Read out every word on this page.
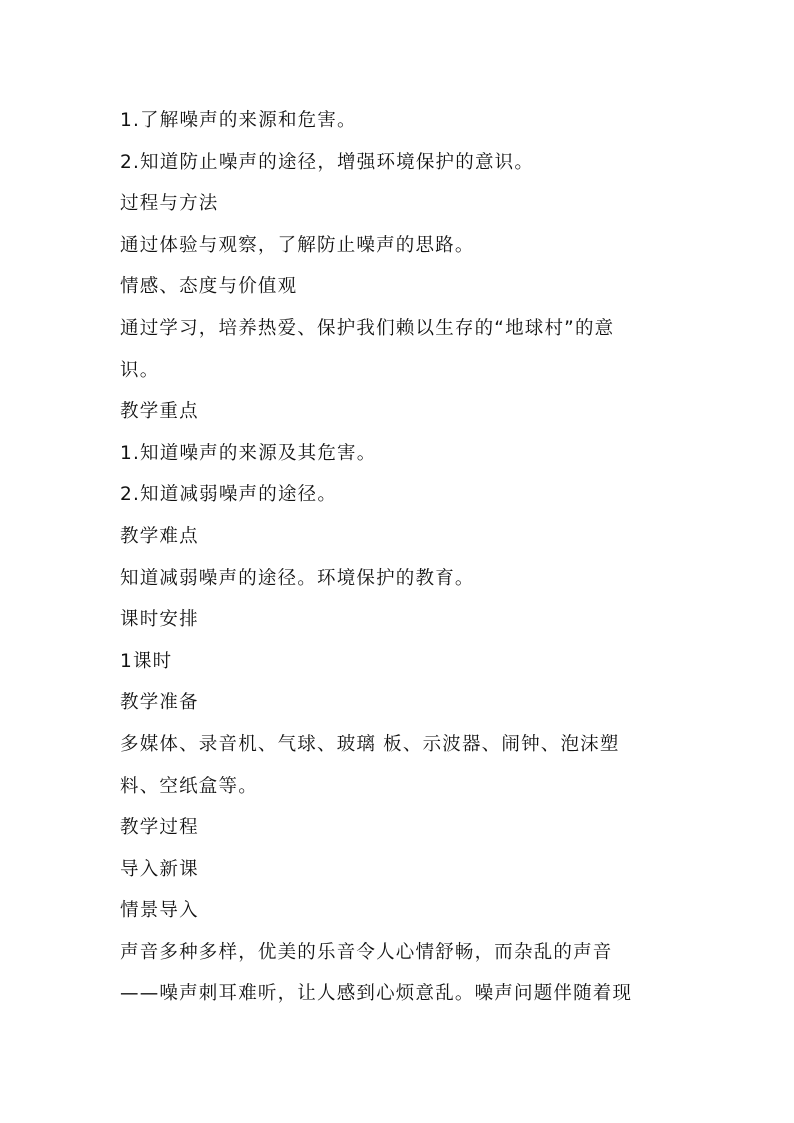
1.了解噪声的来源和危害。
2.知道防止噪声的途径，增强环境保护的意识。
过程与方法
通过体验与观察，了解防止噪声的思路。
情感、态度与价值观
通过学习，培养热爱、保护我们赖以生存的“地球村”的意
识。
教学重点
1.知道噪声的来源及其危害。
2.知道减弱噪声的途径。
教学难点
知道减弱噪声的途径。环境保护的教育。
课时安排
1课时
教学准备
多媒体、录音机、气球、玻璃 板、示波器、闹钟、泡沫塑
料、空纸盒等。
教学过程
导入新课
情景导入
声音多种多样，优美的乐音令人心情舒畅，而杂乱的声音
——噪声刺耳难听，让人感到心烦意乱。噪声问题伴随着现
